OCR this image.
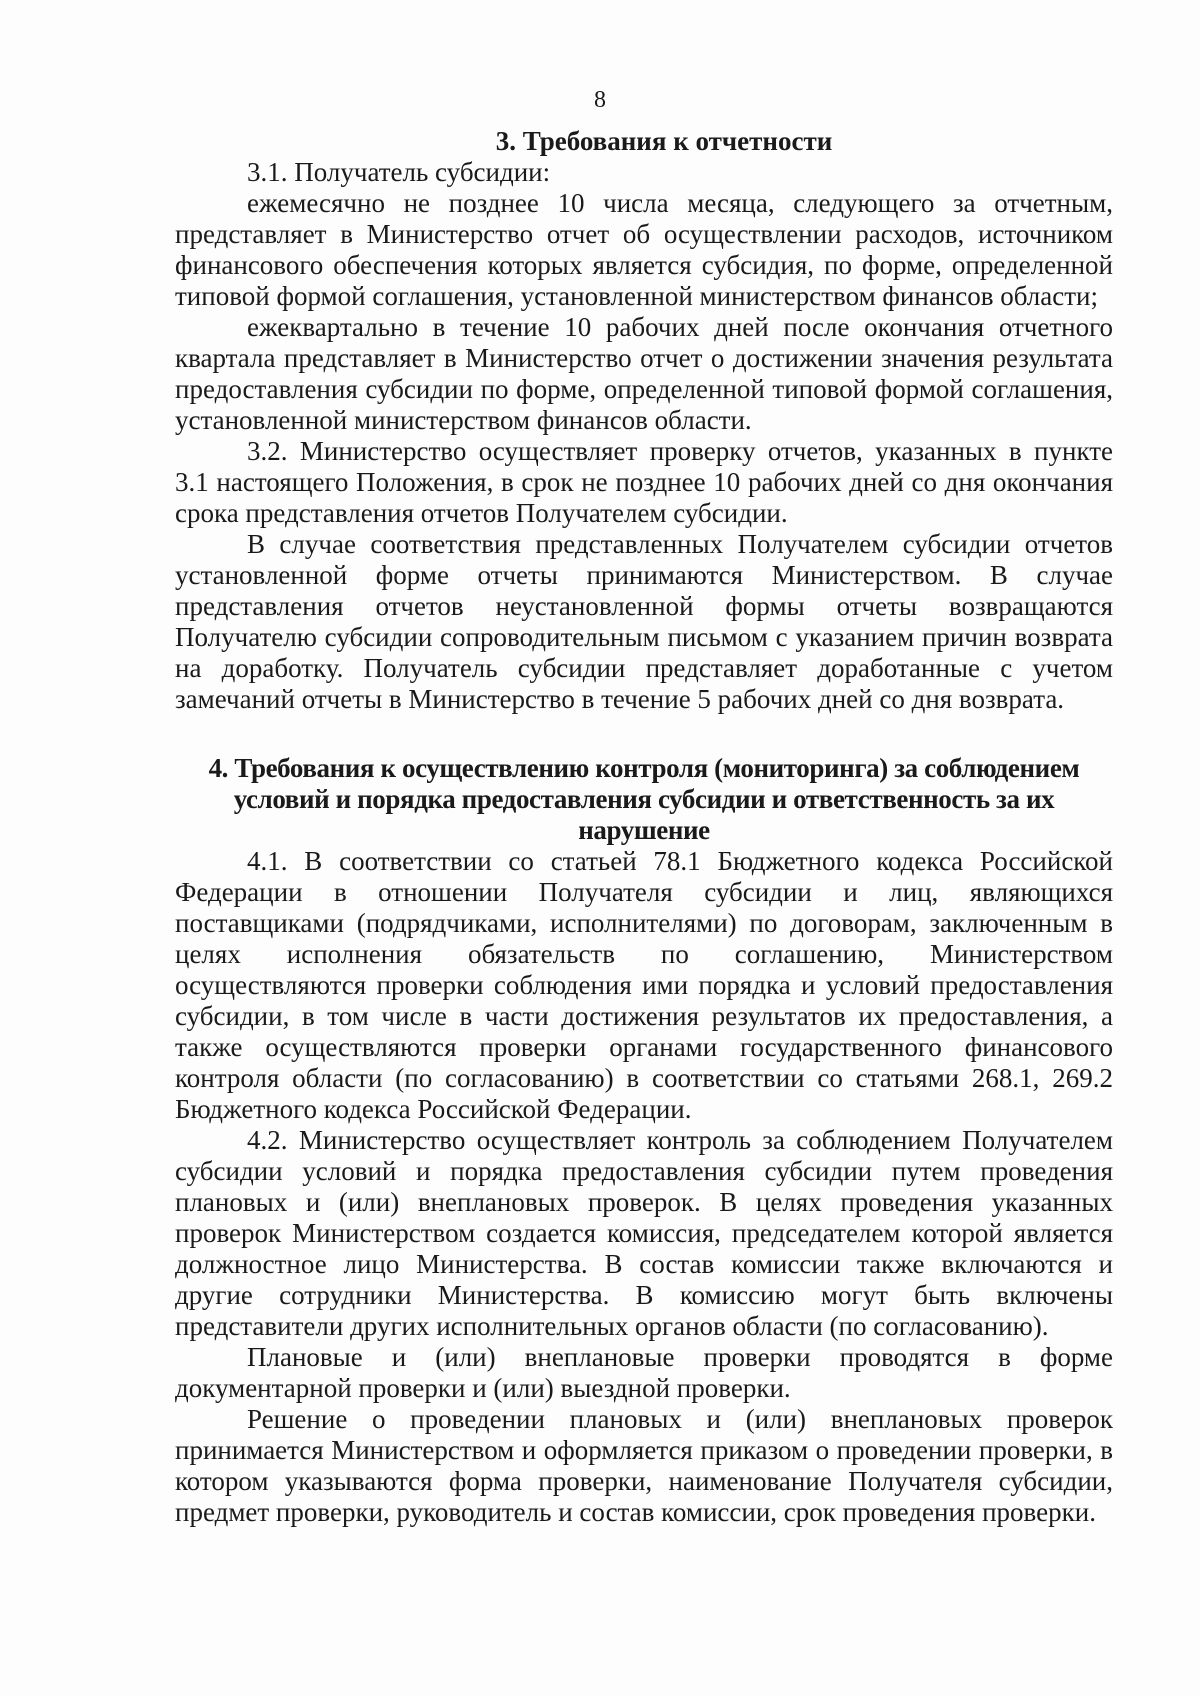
8

3. Требования к отчетности

3.1. Получатель субсидии:

ежемесячно не позднее 10 числа месяца, следующего за отчетным, представляет в Министерство отчет об осуществлении расходов, источником финансового обеспечения которых является субсидия, по форме, определенной типовой формой соглашения, установленной министерством финансов области;

ежеквартально в течение 10 рабочих дней после окончания отчетного квартала представляет в Министерство отчет о достижении значения результата предоставления субсидии по форме, определенной типовой формой соглашения, установленной министерством финансов области.

3.2. Министерство осуществляет проверку отчетов, указанных в пункте 3.1 настоящего Положения, в срок не позднее 10 рабочих дней со дня окончания срока представления отчетов Получателем субсидии.

В случае соответствия представленных Получателем субсидии отчетов установленной форме отчеты принимаются Министерством. В случае представления отчетов неустановленной формы отчеты возвращаются Получателю субсидии сопроводительным письмом с указанием причин возврата на доработку. Получатель субсидии представляет доработанные с учетом замечаний отчеты в Министерство в течение 5 рабочих дней со дня возврата.

4. Требования к осуществлению контроля (мониторинга) за соблюдением
условий и порядка предоставления субсидии и ответственность за их нарушение

4.1. В соответствии со статьей 78.1 Бюджетного кодекса Российской Федерации в отношении Получателя субсидии и лиц, являющихся поставщиками (подрядчиками, исполнителями) по договорам, заключенным в целях исполнения обязательств по соглашению, Министерством осуществляются проверки соблюдения ими порядка и условий предоставления субсидии, в том числе в части достижения результатов их предоставления, а также осуществляются проверки органами государственного финансового контроля области (по согласованию) в соответствии со статьями 268.1, 269.2 Бюджетного кодекса Российской Федерации.

4.2. Министерство осуществляет контроль за соблюдением Получателем субсидии условий и порядка предоставления субсидии путем проведения плановых и (или) внеплановых проверок. В целях проведения указанных проверок Министерством создается комиссия, председателем которой является должностное лицо Министерства. В состав комиссии также включаются и другие сотрудники Министерства. В комиссию могут быть включены представители других исполнительных органов области (по согласованию).

Плановые и (или) внеплановые проверки проводятся в форме документарной проверки и (или) выездной проверки.

Решение о проведении плановых и (или) внеплановых проверок принимается Министерством и оформляется приказом о проведении проверки, в котором указываются форма проверки, наименование Получателя субсидии, предмет проверки, руководитель и состав комиссии, срок проведения проверки.
